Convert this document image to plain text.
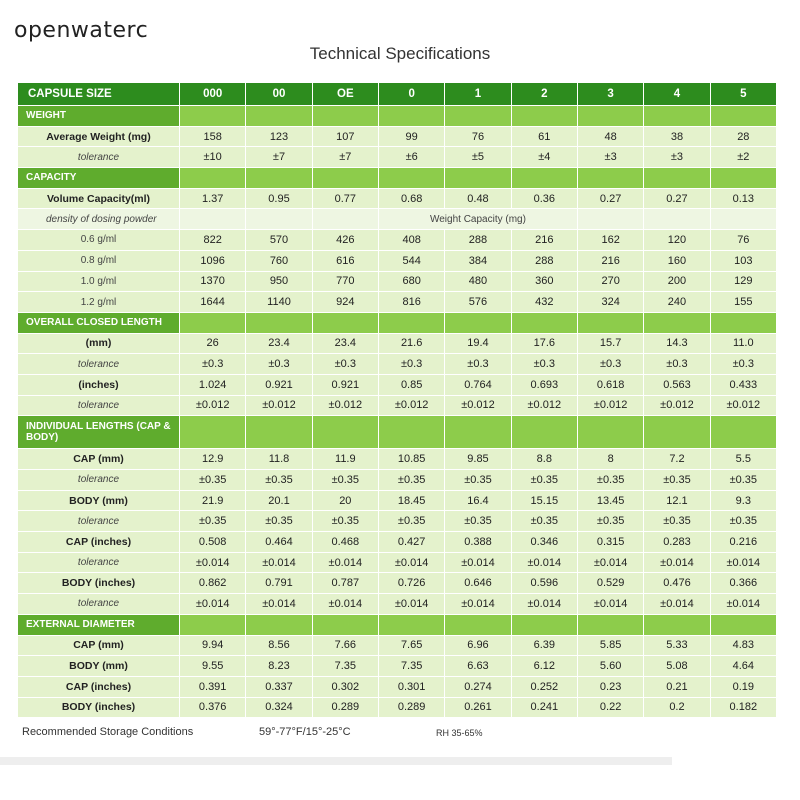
openwaterc
Technical Specifications
CAPSULE SIZE	000	00	OE	0	1	2	3	4	5
WEIGHT									
Average Weight (mg)	158	123	107	99	76	61	48	38	28
tolerance	±10	±7	±7	±6	±5	±4	±3	±3	±2
CAPACITY									
Volume Capacity(ml)	1.37	0.95	0.77	0.68	0.48	0.36	0.27	0.27	0.13
density of dosing powder				Weight Capacity (mg)					
0.6 g/ml	822	570	426	408	288	216	162	120	76
0.8 g/ml	1096	760	616	544	384	288	216	160	103
1.0 g/ml	1370	950	770	680	480	360	270	200	129
1.2 g/ml	1644	1140	924	816	576	432	324	240	155
OVERALL CLOSED LENGTH									
(mm)	26	23.4	23.4	21.6	19.4	17.6	15.7	14.3	11.0
tolerance	±0.3	±0.3	±0.3	±0.3	±0.3	±0.3	±0.3	±0.3	±0.3
(inches)	1.024	0.921	0.921	0.85	0.764	0.693	0.618	0.563	0.433
tolerance	±0.012	±0.012	±0.012	±0.012	±0.012	±0.012	±0.012	±0.012	±0.012
INDIVIDUAL LENGTHS (CAP & BODY)									
CAP (mm)	12.9	11.8	11.9	10.85	9.85	8.8	8	7.2	5.5
tolerance	±0.35	±0.35	±0.35	±0.35	±0.35	±0.35	±0.35	±0.35	±0.35
BODY (mm)	21.9	20.1	20	18.45	16.4	15.15	13.45	12.1	9.3
tolerance	±0.35	±0.35	±0.35	±0.35	±0.35	±0.35	±0.35	±0.35	±0.35
CAP (inches)	0.508	0.464	0.468	0.427	0.388	0.346	0.315	0.283	0.216
tolerance	±0.014	±0.014	±0.014	±0.014	±0.014	±0.014	±0.014	±0.014	±0.014
BODY (inches)	0.862	0.791	0.787	0.726	0.646	0.596	0.529	0.476	0.366
tolerance	±0.014	±0.014	±0.014	±0.014	±0.014	±0.014	±0.014	±0.014	±0.014
EXTERNAL DIAMETER									
CAP (mm)	9.94	8.56	7.66	7.65	6.96	6.39	5.85	5.33	4.83
BODY (mm)	9.55	8.23	7.35	7.35	6.63	6.12	5.60	5.08	4.64
CAP (inches)	0.391	0.337	0.302	0.301	0.274	0.252	0.23	0.21	0.19
BODY (inches)	0.376	0.324	0.289	0.289	0.261	0.241	0.22	0.2	0.182
Recommended Storage Conditions	59°-77°F/15°-25°C	RH 35-65%
